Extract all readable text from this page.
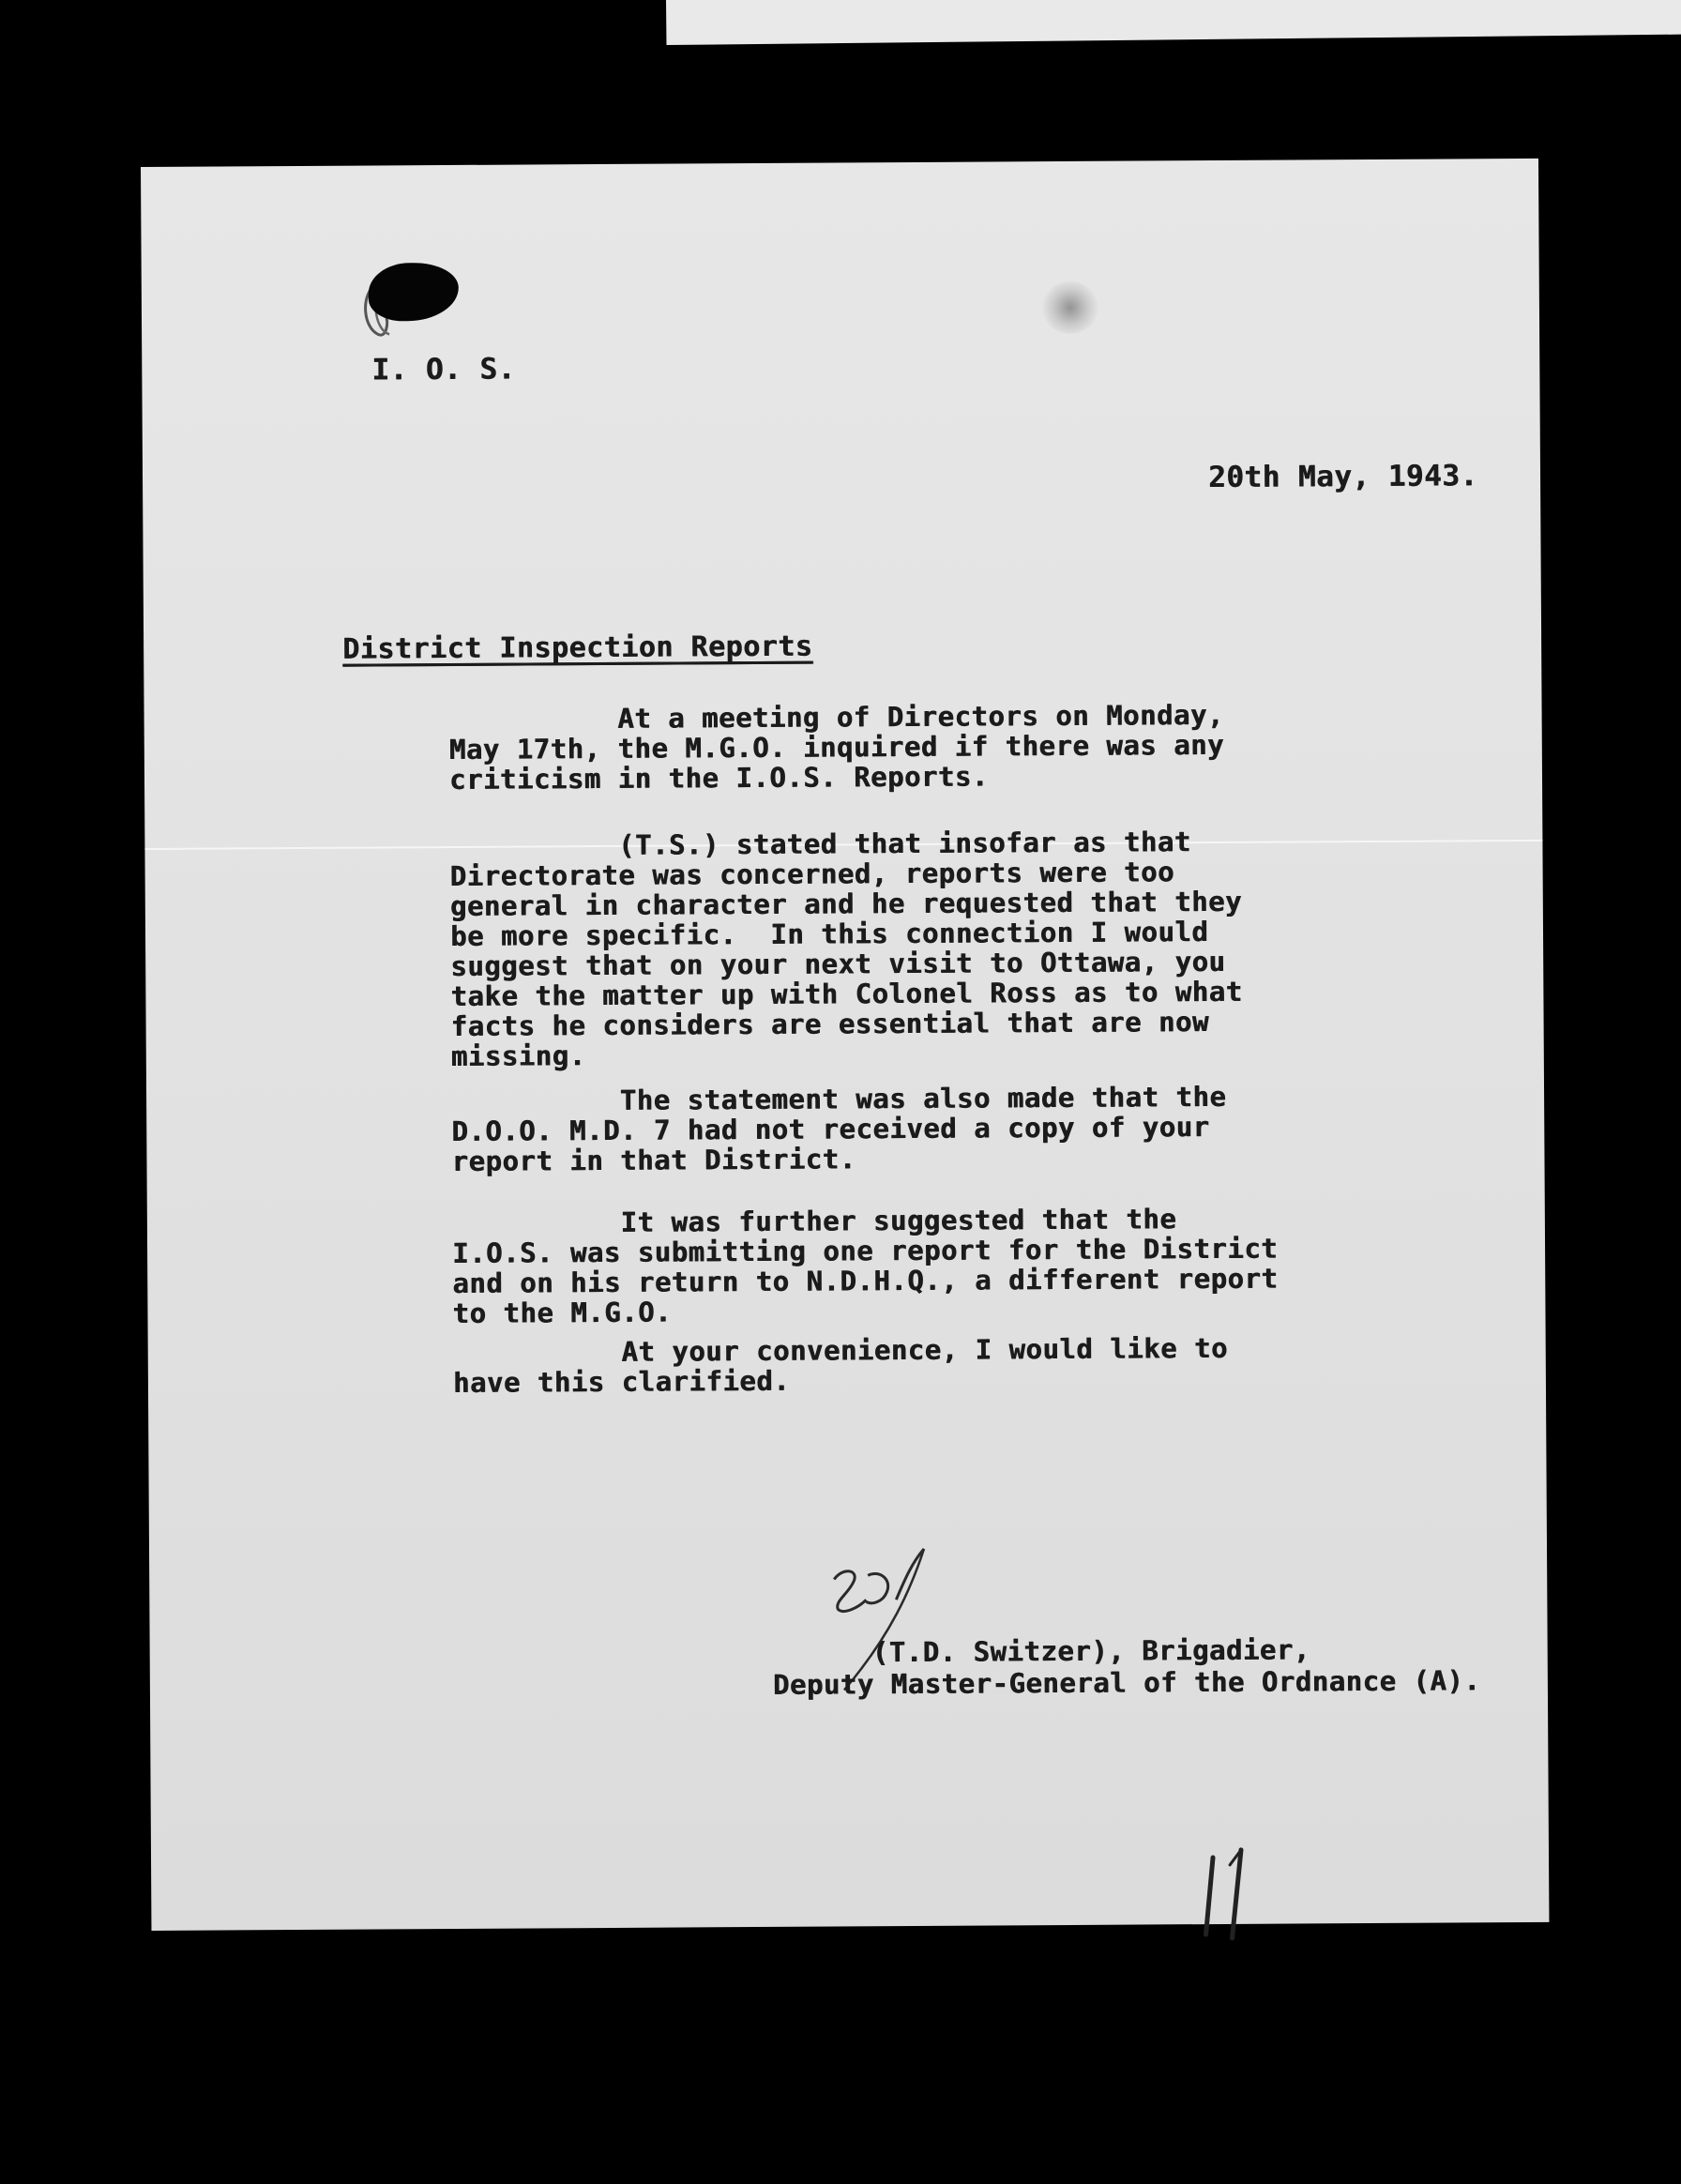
I. O. S.

20th May, 1943.

District Inspection Reports

At a meeting of Directors on Monday,
May 17th, the M.G.O. inquired if there was any
criticism in the I.O.S. Reports.

(T.S.) stated that insofar as that
Directorate was concerned, reports were too
general in character and he requested that they
be more specific.  In this connection I would
suggest that on your next visit to Ottawa, you
take the matter up with Colonel Ross as to what
facts he considers are essential that are now
missing.

The statement was also made that the
D.O.O. M.D. 7 had not received a copy of your
report in that District.

It was further suggested that the
I.O.S. was submitting one report for the District
and on his return to N.D.H.Q., a different report
to the M.G.O.

At your convenience, I would like to
have this clarified.

(T.D. Switzer), Brigadier,

Deputy Master-General of the Ordnance (A).
